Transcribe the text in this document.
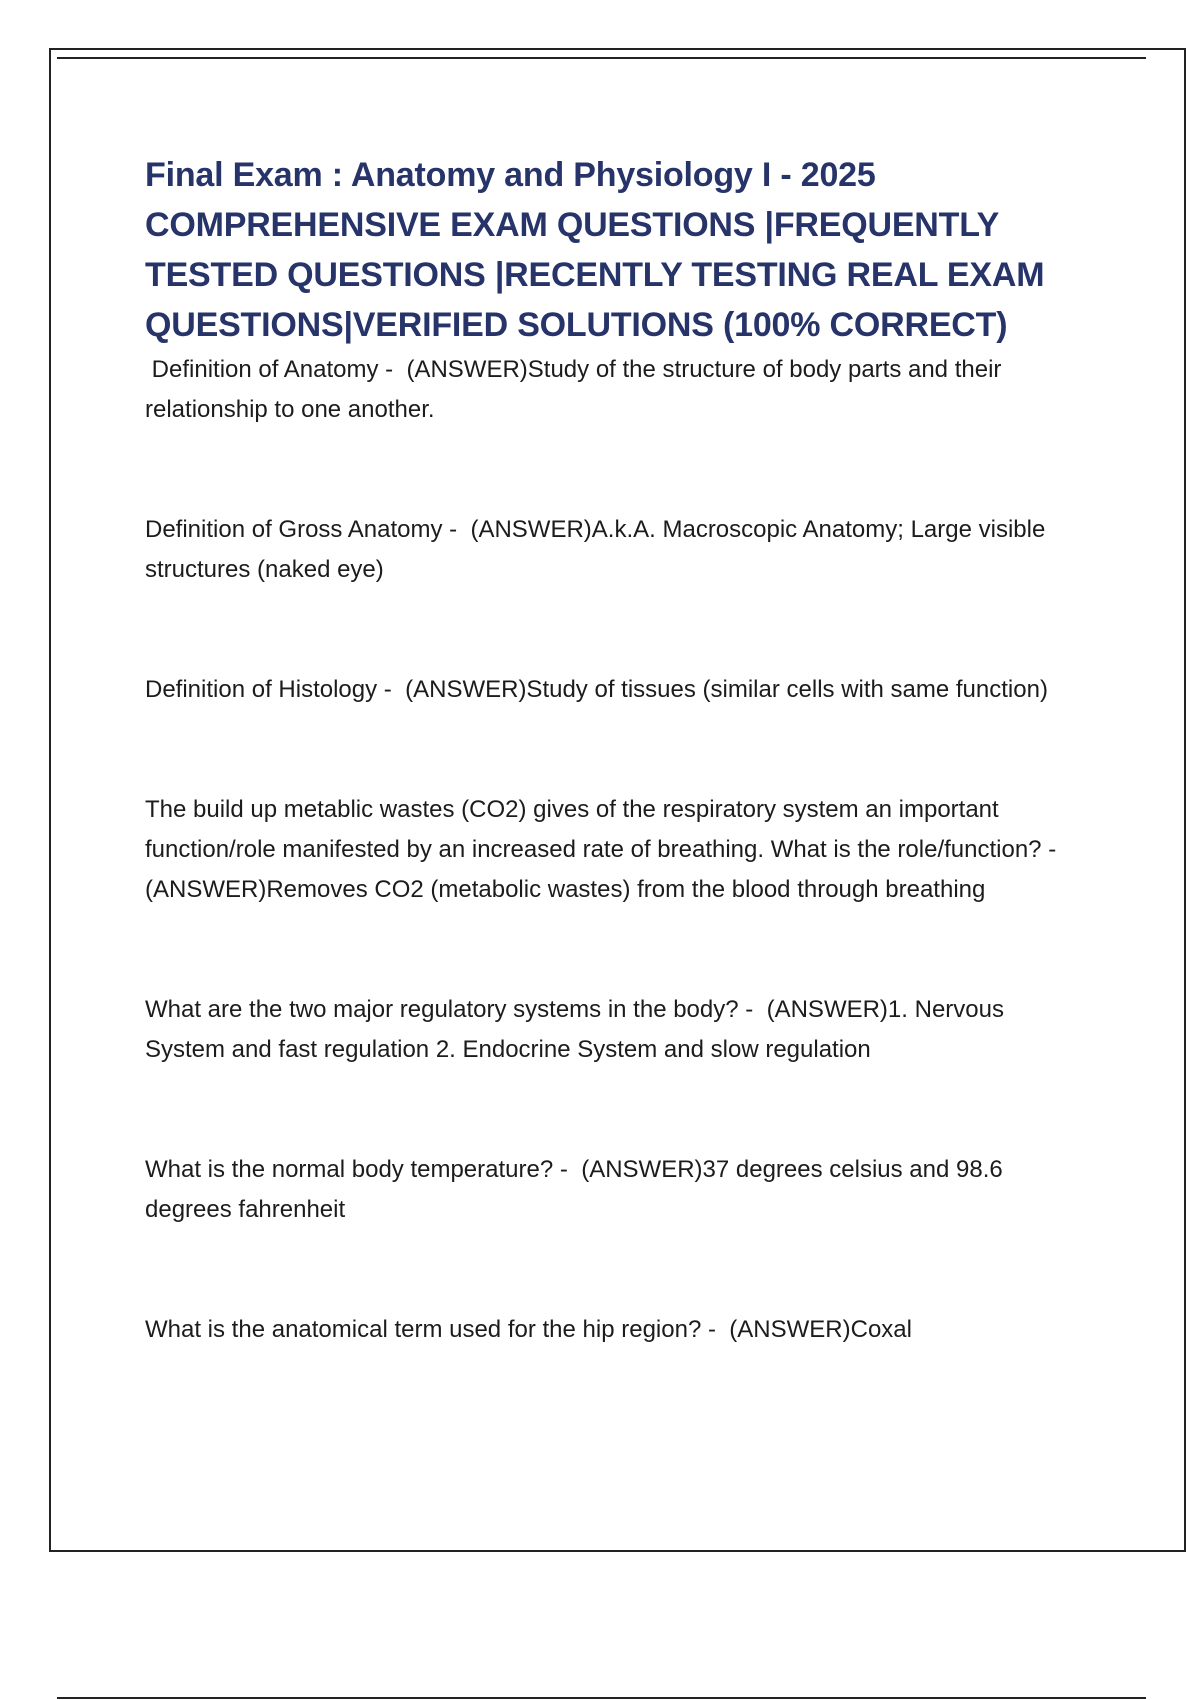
Final Exam : Anatomy and Physiology I - 2025 COMPREHENSIVE EXAM QUESTIONS |FREQUENTLY TESTED QUESTIONS |RECENTLY TESTING REAL EXAM QUESTIONS|VERIFIED SOLUTIONS (100% CORRECT)
Definition of Anatomy -  (ANSWER)Study of the structure of body parts and their relationship to one another.
Definition of Gross Anatomy -  (ANSWER)A.k.A. Macroscopic Anatomy; Large visible structures (naked eye)
Definition of Histology -  (ANSWER)Study of tissues (similar cells with same function)
The build up metablic wastes (CO2) gives of the respiratory system an important function/role manifested by an increased rate of breathing. What is the role/function? -  (ANSWER)Removes CO2 (metabolic wastes) from the blood through breathing
What are the two major regulatory systems in the body? -  (ANSWER)1. Nervous System and fast regulation 2. Endocrine System and slow regulation
What is the normal body temperature? -  (ANSWER)37 degrees celsius and 98.6 degrees fahrenheit
What is the anatomical term used for the hip region? -  (ANSWER)Coxal
